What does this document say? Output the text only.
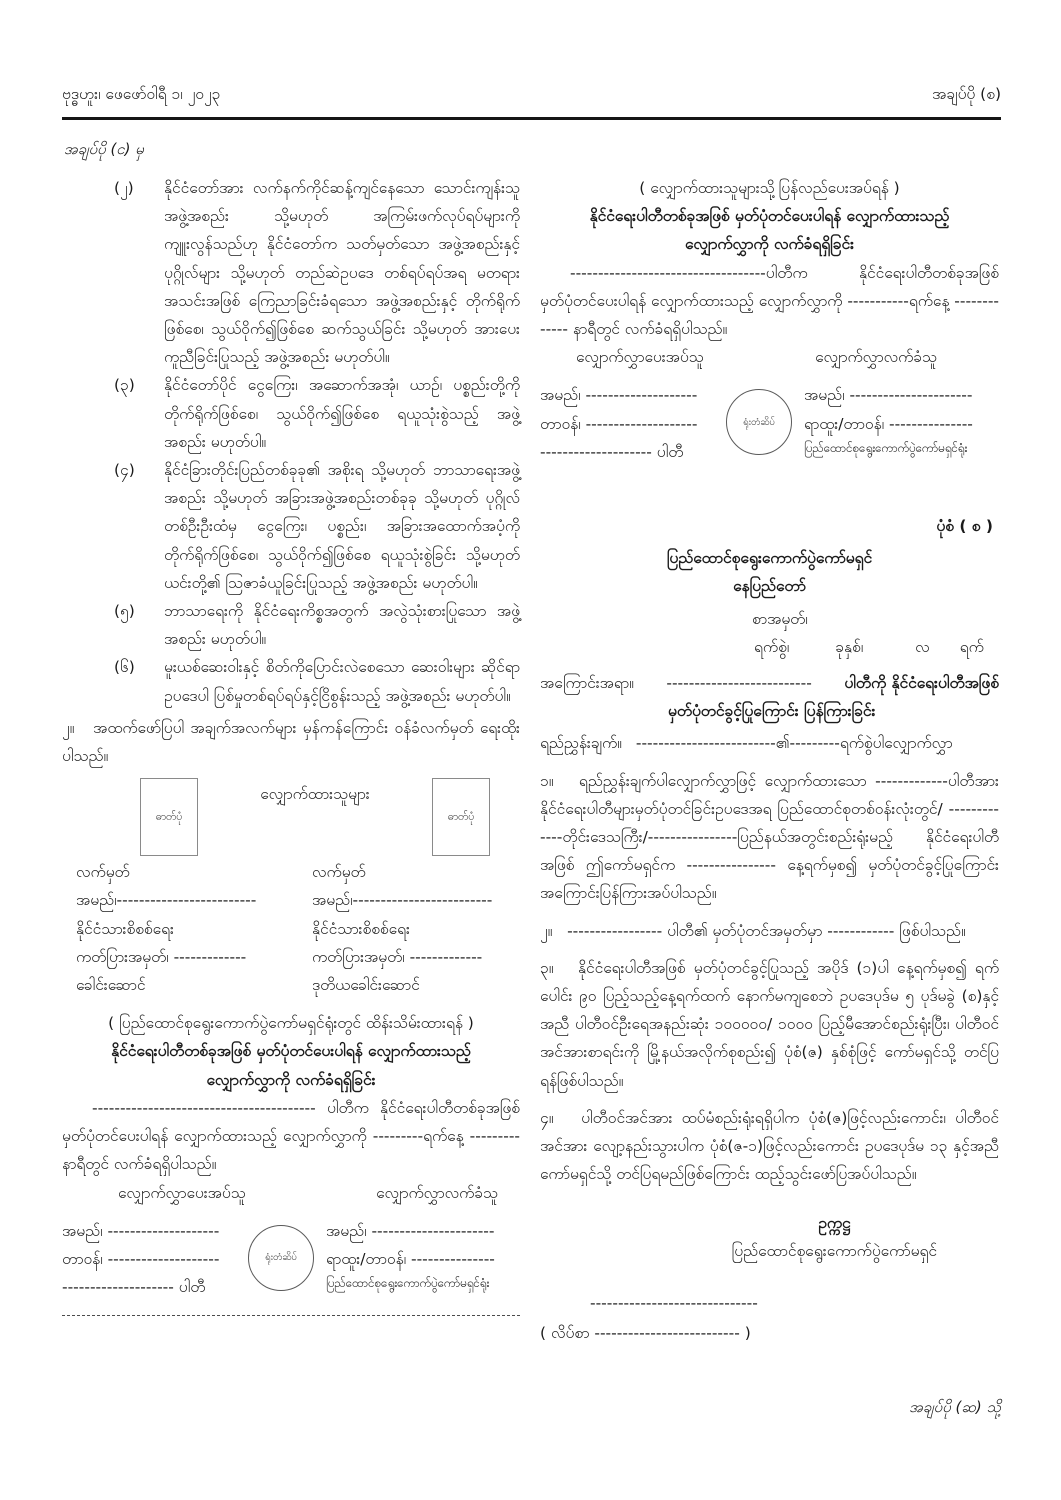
ဗုဒ္ဓဟူး၊ ဖေဖော်ဝါရီ ၁၊ ၂၀၂၃	အချပ်ပို (စ)
အချပ်ပို (င) မှ
(၂)	နိုင်ငံတော်အား လက်နက်ကိုင်ဆန့်ကျင်နေသော သောင်းကျန်းသူအဖွဲ့အစည်း သို့မဟုတ် အကြမ်းဖက်လုပ်ရပ်များကို ကျူးလွန်သည်ဟု နိုင်ငံတော်က သတ်မှတ်သော အဖွဲ့အစည်းနှင့် ပုဂ္ဂိုလ်များ သို့မဟုတ် တည်ဆဲဥပဒေ တစ်ရပ်ရပ်အရ မတရားအသင်းအဖြစ် ကြေညာခြင်းခံရသော အဖွဲ့အစည်းနှင့် တိုက်ရိုက်ဖြစ်စေ၊ သွယ်ဝိုက်၍ဖြစ်စေ ဆက်သွယ်ခြင်း သို့မဟုတ် အားပေးကူညီခြင်းပြုသည့် အဖွဲ့အစည်း မဟုတ်ပါ။
(၃)	နိုင်ငံတော်ပိုင် ငွေကြေး၊ အဆောက်အအုံ၊ ယာဉ်၊ ပစ္စည်းတို့ကို တိုက်ရိုက်ဖြစ်စေ၊ သွယ်ဝိုက်၍ဖြစ်စေ ရယူသုံးစွဲသည့် အဖွဲ့အစည်း မဟုတ်ပါ။
(၄)	နိုင်ငံခြားတိုင်းပြည်တစ်ခုခု၏ အစိုးရ သို့မဟုတ် ဘာသာရေးအဖွဲ့အစည်း သို့မဟုတ် အခြားအဖွဲ့အစည်းတစ်ခုခု သို့မဟုတ် ပုဂ္ဂိုလ်တစ်ဦးဦးထံမှ ငွေကြေး၊ ပစ္စည်း၊ အခြားအထောက်အပံ့ကို တိုက်ရိုက်ဖြစ်စေ၊ သွယ်ဝိုက်၍ဖြစ်စေ ရယူသုံးစွဲခြင်း သို့မဟုတ် ယင်းတို့၏ ဩဇာခံယူခြင်းပြုသည့် အဖွဲ့အစည်း မဟုတ်ပါ။
(၅)	ဘာသာရေးကို နိုင်ငံရေးကိစ္စအတွက် အလွဲသုံးစားပြုသော အဖွဲ့အစည်း မဟုတ်ပါ။
(၆)	မူးယစ်ဆေးဝါးနှင့် စိတ်ကိုပြောင်းလဲစေသော ဆေးဝါးများ ဆိုင်ရာဥပဒေပါ ပြစ်မှုတစ်ရပ်ရပ်နှင့်ငြိစွန်းသည့် အဖွဲ့အစည်း မဟုတ်ပါ။
၂။   အထက်ဖော်ပြပါ အချက်အလက်များ မှန်ကန်ကြောင်း ဝန်ခံလက်မှတ် ရေးထိုးပါသည်။
ဓာတ်ပုံ
လျှောက်ထားသူများ
ဓာတ်ပုံ
လက်မှတ်
အမည်၊-------------------------
နိုင်ငံသားစိစစ်ရေး
ကတ်ပြားအမှတ်၊ -------------
ခေါင်းဆောင်
လက်မှတ်
အမည်၊-------------------------
နိုင်ငံသားစိစစ်ရေး
ကတ်ပြားအမှတ်၊ -------------
ဒုတိယခေါင်းဆောင်
( ပြည်ထောင်စုရွေးကောက်ပွဲကော်မရှင်ရုံးတွင် ထိန်းသိမ်းထားရန် )
နိုင်ငံရေးပါတီတစ်ခုအဖြစ် မှတ်ပုံတင်ပေးပါရန် လျှောက်ထားသည့်
လျှောက်လွှာကို လက်ခံရရှိခြင်း
---------------------------------------- ပါတီက နိုင်ငံရေးပါတီတစ်ခုအဖြစ် မှတ်ပုံတင်ပေးပါရန် လျှောက်ထားသည့် လျှောက်လွှာကို ---------ရက်နေ့ --------- နာရီတွင် လက်ခံရရှိပါသည်။
လျှောက်လွှာပေးအပ်သူ	လျှောက်လွှာလက်ခံသူ
အမည်၊ --------------------
တာဝန်၊ --------------------
-------------------- ပါတီ
ရုံးတံဆိပ်
အမည်၊ ----------------------
ရာထူး/တာဝန်၊ ---------------
ပြည်ထောင်စုရွေးကောက်ပွဲကော်မရှင်ရုံး
( လျှောက်ထားသူများသို့ပြန်လည်ပေးအပ်ရန် )
နိုင်ငံရေးပါတီတစ်ခုအဖြစ် မှတ်ပုံတင်ပေးပါရန် လျှောက်ထားသည့်
လျှောက်လွှာကို လက်ခံရရှိခြင်း
-----------------------------------ပါတီက နိုင်ငံရေးပါတီတစ်ခုအဖြစ် မှတ်ပုံတင်ပေးပါရန် လျှောက်ထားသည့် လျှောက်လွှာကို -----------ရက်နေ့ ------------- နာရီတွင် လက်ခံရရှိပါသည်။
လျှောက်လွှာပေးအပ်သူ	လျှောက်လွှာလက်ခံသူ
အမည်၊ --------------------
တာဝန်၊ --------------------
-------------------- ပါတီ
ရုံးတံဆိပ်
အမည်၊ ----------------------
ရာထူး/တာဝန်၊ ---------------
ပြည်ထောင်စုရွေးကောက်ပွဲကော်မရှင်ရုံး
ပုံစံ ( စ )
ပြည်ထောင်စုရွေးကောက်ပွဲကော်မရှင်
နေပြည်တော်
စာအမှတ်၊
ရက်စွဲ၊	ခုနှစ်၊	လ ရက်
အကြောင်းအရာ။ -------------------------- ပါတီကို နိုင်ငံရေးပါတီအဖြစ်
မှတ်ပုံတင်ခွင့်ပြုကြောင်း ပြန်ကြားခြင်း
ရည်ညွှန်းချက်။ -------------------------၏---------ရက်စွဲပါလျှောက်လွှာ
၁။   ရည်ညွှန်းချက်ပါလျှောက်လွှာဖြင့် လျှောက်ထားသော -------------ပါတီအား နိုင်ငံရေးပါတီများမှတ်ပုံတင်ခြင်းဥပဒေအရ ပြည်ထောင်စုတစ်ဝန်းလုံးတွင်/ -------------တိုင်းဒေသကြီး/----------------ပြည်နယ်အတွင်းစည်းရုံးမည့် နိုင်ငံရေးပါတီအဖြစ် ဤကော်မရှင်က ---------------- နေ့ရက်မှစ၍ မှတ်ပုံတင်ခွင့်ပြုကြောင်း အကြောင်းပြန်ကြားအပ်ပါသည်။
၂။   ----------------- ပါတီ၏ မှတ်ပုံတင်အမှတ်မှာ ------------ ဖြစ်ပါသည်။
၃။   နိုင်ငံရေးပါတီအဖြစ် မှတ်ပုံတင်ခွင့်ပြုသည့် အပိုဒ် (၁)ပါ နေ့ရက်မှစ၍ ရက်ပေါင်း ၉၀ ပြည့်သည့်နေ့ရက်ထက် နောက်မကျစေဘဲ ဥပဒေပုဒ်မ ၅ ပုဒ်မခွဲ (စ)နှင့်အညီ ပါတီဝင်ဦးရေအနည်းဆုံး ၁၀၀၀၀၀/ ၁၀၀၀ ပြည့်မီအောင်စည်းရုံးပြီး၊ ပါတီဝင်အင်အားစာရင်းကို မြို့နယ်အလိုက်စုစည်း၍ ပုံစံ(ဇ) နှစ်စုံဖြင့် ကော်မရှင်သို့ တင်ပြရန်ဖြစ်ပါသည်။
၄။   ပါတီဝင်အင်အား ထပ်မံစည်းရုံးရရှိပါက ပုံစံ(ဇ)ဖြင့်လည်းကောင်း၊ ပါတီဝင်အင်အား လျော့နည်းသွားပါက ပုံစံ(ဇ-၁)ဖြင့်လည်းကောင်း ဥပဒေပုဒ်မ ၁၃ နှင့်အညီ ကော်မရှင်သို့ တင်ပြရမည်ဖြစ်ကြောင်း ထည့်သွင်းဖော်ပြအပ်ပါသည်။
ဥက္ကဋ္ဌ
ပြည်ထောင်စုရွေးကောက်ပွဲကော်မရှင်
------------------------------
( လိပ်စာ -------------------------- )
အချပ်ပို (ဆ) သို့
